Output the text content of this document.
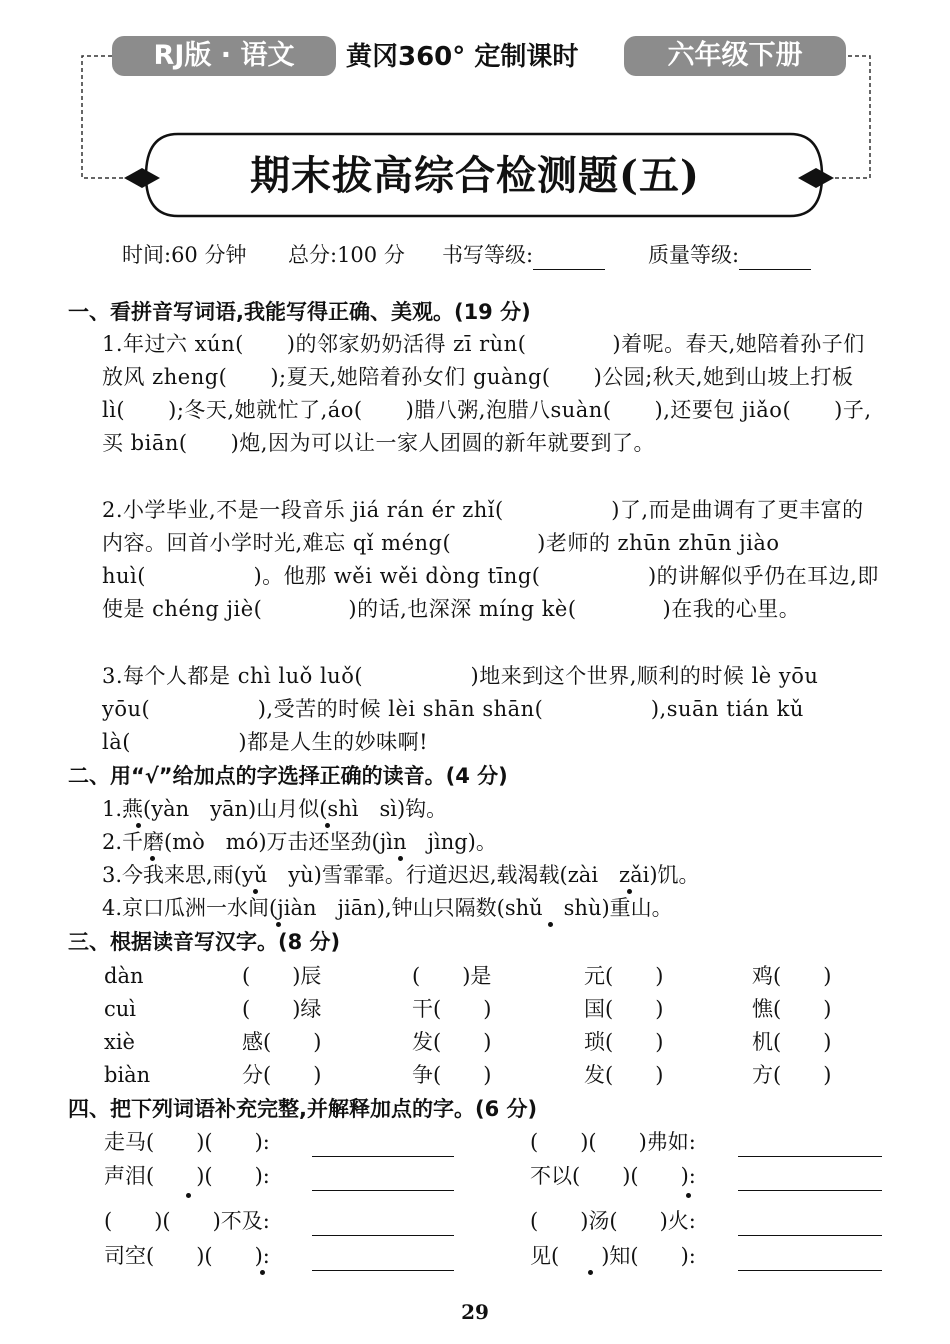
RJ版 · 语文	黄冈360° 定制课时	六年级下册
期末拔高综合检测题(五)
时间:60 分钟 总分:100 分 书写等级:	质量等级:
一、看拼音写词语,我能写得正确、美观。(19 分)
1.年过六 xún(　　)的邻家奶奶活得 zī rùn(　　　　)着呢。春天,她陪着孙子们放风 zheng(　　);夏天,她陪着孙女们 guàng(　　)公园;秋天,她到山坡上打板 lì(　　);冬天,她就忙了,áo(　　)腊八粥,泡腊八suàn(　　),还要包 jiǎo(　　)子,买 biān(　　)炮,因为可以让一家人团圆的新年就要到了。
2.小学毕业,不是一段音乐 jiá rán ér zhǐ(　　　　　)了,而是曲调有了更丰富的内容。回首小学时光,难忘 qǐ méng(　　　　)老师的 zhūn zhūn jiào huì(　　　　　)。他那 wěi wěi dòng tīng(　　　　　)的讲解似乎仍在耳边,即使是 chéng jiè(　　　　)的话,也深深 míng kè(　　　　)在我的心里。
3.每个人都是 chì luǒ luǒ(　　　　　)地来到这个世界,顺利的时候 lè yōu yōu(　　　　　),受苦的时候 lèi shān shān(　　　　　),suān tián kǔ là(　　　　　)都是人生的妙味啊!
二、用“√”给加点的字选择正确的读音。(4 分)
1.燕(yàn　yān)山月似(shì　sì)钩。
2.千磨(mò　mó)万击还坚劲(jìn　jìng)。
3.今我来思,雨(yǔ　yù)雪霏霏。行道迟迟,载渴载(zài　zǎi)饥。
4.京口瓜洲一水间(jiàn　jiān),钟山只隔数(shǔ　shù)重山。
三、根据读音写汉字。(8 分)
dàn	(　　)辰	(　　)是	元(　　)	鸡(　　)
cuì	(　　)绿	干(　　)	国(　　)	憔(　　)
xiè	感(　　)	发(　　)	琐(　　)	机(　　)
biàn	分(　　)	争(　　)	发(　　)	方(　　)
四、把下列词语补充完整,并解释加点的字。(6 分)
走马(　　)(　　):	(　　)(　　)弗如:
声泪(　　)(　　):	不以(　　)(　　):
(　　)(　　)不及:	(　　)汤(　　)火:
司空(　　)(　　):	见(　　)知(　　):
29
